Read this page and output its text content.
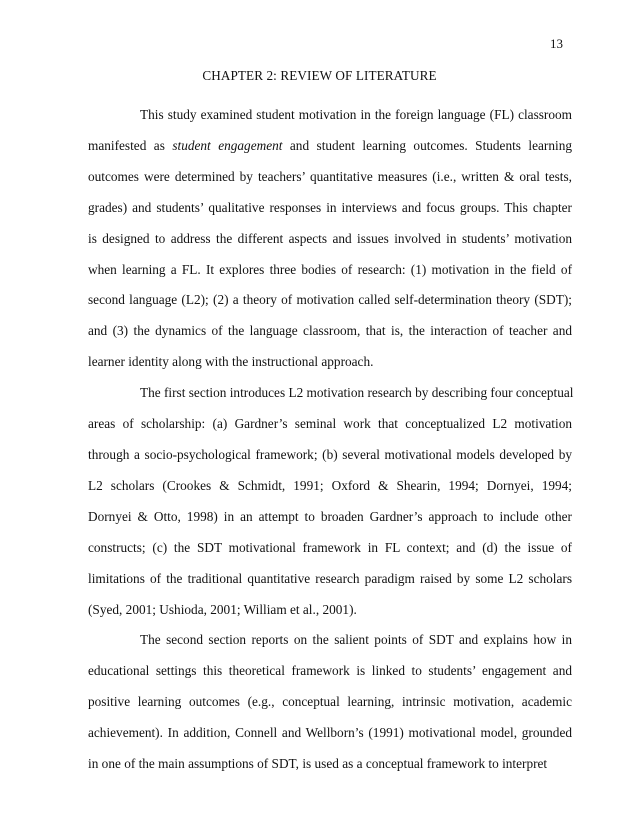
13
CHAPTER 2: REVIEW OF LITERATURE

This study examined student motivation in the foreign language (FL) classroom
manifested as student engagement and student learning outcomes. Students learning
outcomes were determined by teachers’ quantitative measures (i.e., written & oral tests,
grades) and students’ qualitative responses in interviews and focus groups. This chapter
is designed to address the different aspects and issues involved in students’ motivation
when learning a FL. It explores three bodies of research: (1) motivation in the field of
second language (L2); (2) a theory of motivation called self-determination theory (SDT);
and (3) the dynamics of the language classroom, that is, the interaction of teacher and
learner identity along with the instructional approach.

The first section introduces L2 motivation research by describing four conceptual
areas of scholarship: (a) Gardner’s seminal work that conceptualized L2 motivation
through a socio-psychological framework; (b) several motivational models developed by
L2 scholars (Crookes & Schmidt, 1991; Oxford & Shearin, 1994; Dornyei, 1994;
Dornyei & Otto, 1998) in an attempt to broaden Gardner’s approach to include other
constructs; (c) the SDT motivational framework in FL context; and (d) the issue of
limitations of the traditional quantitative research paradigm raised by some L2 scholars
(Syed, 2001; Ushioda, 2001; William et al., 2001).

The second section reports on the salient points of SDT and explains how in
educational settings this theoretical framework is linked to students’ engagement and
positive learning outcomes (e.g., conceptual learning, intrinsic motivation, academic
achievement). In addition, Connell and Wellborn’s (1991) motivational model, grounded
in one of the main assumptions of SDT, is used as a conceptual framework to interpret
